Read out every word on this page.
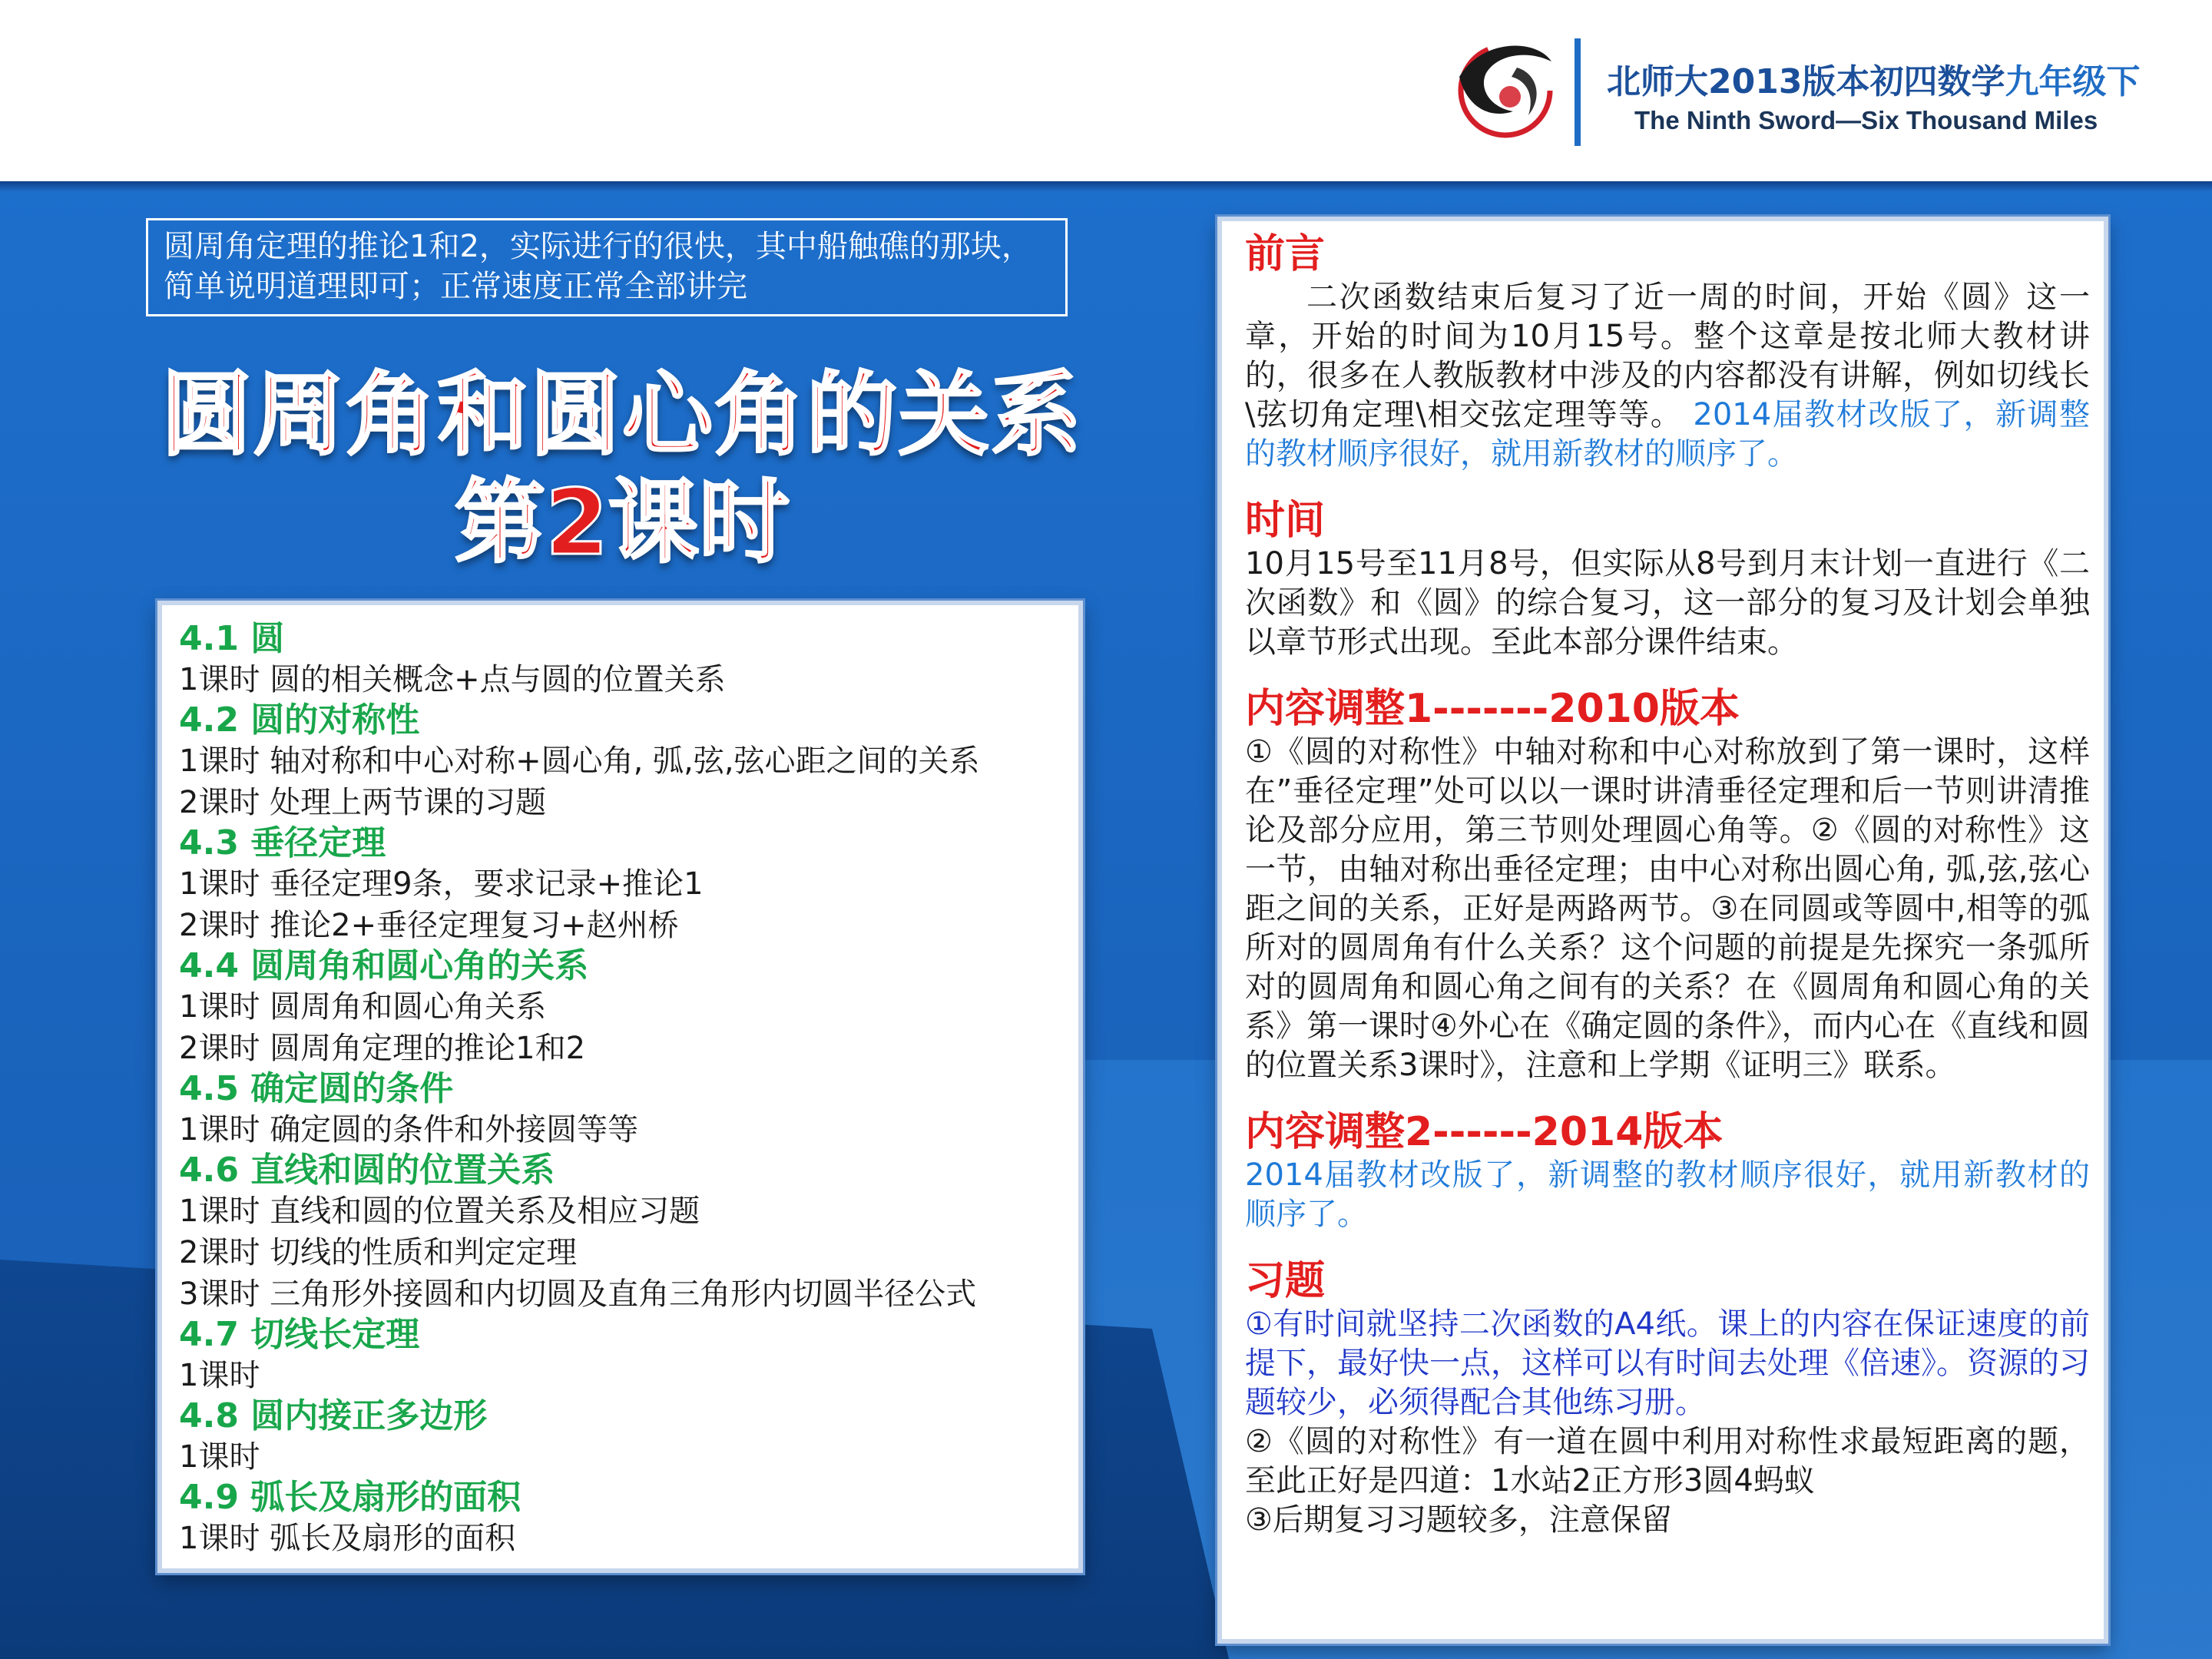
北师大2013版本初四数学九年级下
The Ninth Sword—Six Thousand Miles
圆周角定理的推论1和2，实际进行的很快，其中船触礁的那块，
简单说明道理即可；正常速度正常全部讲完
圆周角和圆心角的关系
第2课时
4.1 圆
1课时 圆的相关概念+点与圆的位置关系
4.2 圆的对称性
1课时 轴对称和中心对称+圆心角, 弧,弦,弦心距之间的关系
2课时 处理上两节课的习题
4.3 垂径定理
1课时 垂径定理9条，要求记录+推论1
2课时 推论2+垂径定理复习+赵州桥
4.4 圆周角和圆心角的关系
1课时 圆周角和圆心角关系
2课时 圆周角定理的推论1和2
4.5 确定圆的条件
1课时 确定圆的条件和外接圆等等
4.6 直线和圆的位置关系
1课时 直线和圆的位置关系及相应习题
2课时 切线的性质和判定定理
3课时 三角形外接圆和内切圆及直角三角形内切圆半径公式
4.7 切线长定理
1课时
4.8 圆内接正多边形
1课时
4.9 弧长及扇形的面积
1课时 弧长及扇形的面积
前言
二次函数结束后复习了近一周的时间，开始《圆》这一章，开始的时间为10月15号。整个这章是按北师大教材讲的，很多在人教版教材中涉及的内容都没有讲解，例如切线长\弦切角定理\相交弦定理等等。 2014届教材改版了，新调整的教材顺序很好，就用新教材的顺序了。
时间
10月15号至11月8号，但实际从8号到月末计划一直进行《二次函数》和《圆》的综合复习，这一部分的复习及计划会单独以章节形式出现。至此本部分课件结束。
内容调整1-------2010版本
①《圆的对称性》中轴对称和中心对称放到了第一课时，这样在”垂径定理”处可以以一课时讲清垂径定理和后一节则讲清推论及部分应用，第三节则处理圆心角等。②《圆的对称性》这一节，由轴对称出垂径定理；由中心对称出圆心角, 弧,弦,弦心距之间的关系，正好是两路两节。③在同圆或等圆中,相等的弧所对的圆周角有什么关系？这个问题的前提是先探究一条弧所对的圆周角和圆心角之间有的关系？在《圆周角和圆心角的关系》第一课时④外心在《确定圆的条件》，而内心在《直线和圆的位置关系3课时》，注意和上学期《证明三》联系。
内容调整2------2014版本
2014届教材改版了，新调整的教材顺序很好，就用新教材的顺序了。
习题
①有时间就坚持二次函数的A4纸。课上的内容在保证速度的前提下，最好快一点，这样可以有时间去处理《倍速》。资源的习题较少，必须得配合其他练习册。
②《圆的对称性》有一道在圆中利用对称性求最短距离的题，至此正好是四道：1水站2正方形3圆4蚂蚁
③后期复习习题较多，注意保留
